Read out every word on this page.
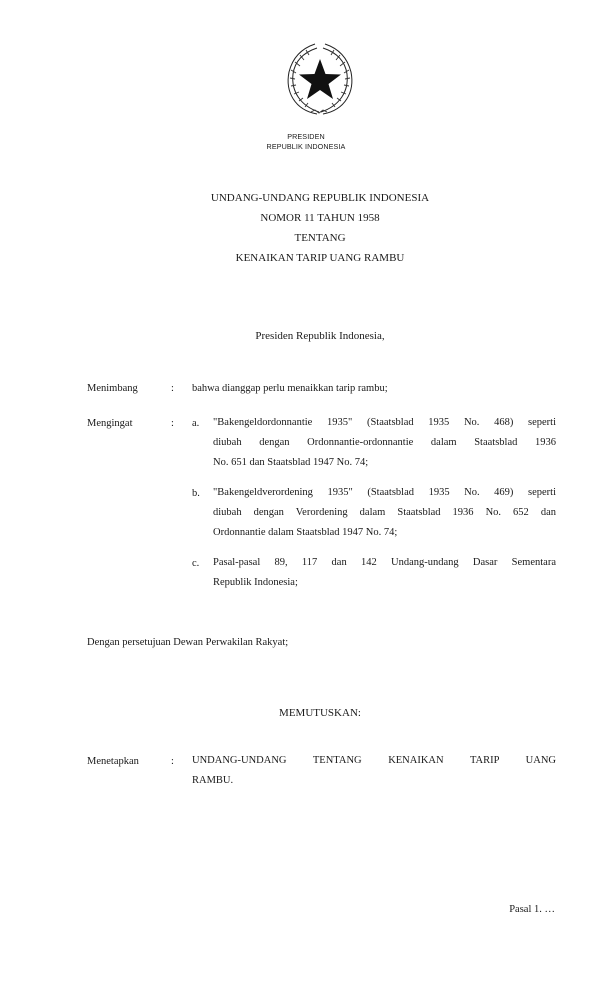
PRESIDEN
REPUBLIK INDONESIA
UNDANG-UNDANG REPUBLIK INDONESIA
NOMOR 11 TAHUN 1958
TENTANG
KENAIKAN TARIP UANG RAMBU
Presiden Republik Indonesia,
Menimbang	: bahwa dianggap perlu menaikkan tarip rambu;
Mengingat	: a. "Bakengeldordonnantie 1935" (Staatsblad 1935 No. 468) seperti
diubah dengan Ordonnantie-ordonnantie dalam Staatsblad 1936
No. 651 dan Staatsblad 1947 No. 74;
b. "Bakengeldverordening 1935" (Staatsblad 1935 No. 469) seperti
diubah dengan Verordening dalam Staatsblad 1936 No. 652 dan
Ordonnantie dalam Staatsblad 1947 No. 74;
c. Pasal-pasal 89, 117 dan 142 Undang-undang Dasar Sementara
Republik Indonesia;
Dengan persetujuan Dewan Perwakilan Rakyat;
MEMUTUSKAN:
Menetapkan	: UNDANG-UNDANG TENTANG KENAIKAN TARIP UANG
RAMBU.
Pasal 1. …
